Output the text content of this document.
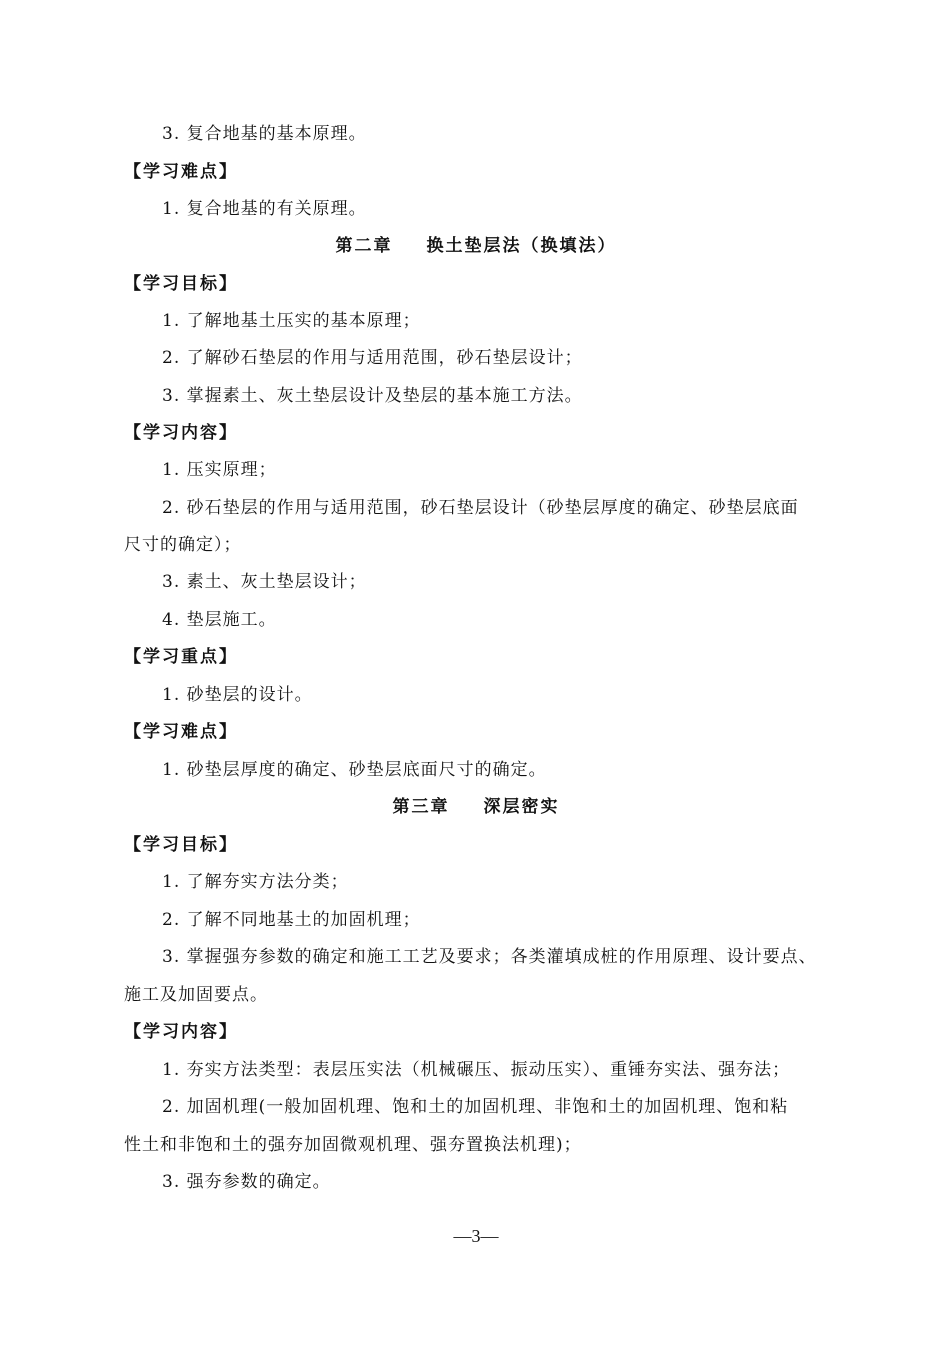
3. 复合地基的基本原理。
【学习难点】
1. 复合地基的有关原理。
第二章 换土垫层法（换填法）
【学习目标】
1. 了解地基土压实的基本原理；
2. 了解砂石垫层的作用与适用范围，砂石垫层设计；
3. 掌握素土、灰土垫层设计及垫层的基本施工方法。
【学习内容】
1. 压实原理；
2. 砂石垫层的作用与适用范围，砂石垫层设计（砂垫层厚度的确定、砂垫层底面
尺寸的确定）；
3. 素土、灰土垫层设计；
4. 垫层施工。
【学习重点】
1. 砂垫层的设计。
【学习难点】
1. 砂垫层厚度的确定、砂垫层底面尺寸的确定。
第三章 深层密实
【学习目标】
1. 了解夯实方法分类；
2. 了解不同地基土的加固机理；
3. 掌握强夯参数的确定和施工工艺及要求；各类灌填成桩的作用原理、设计要点、
施工及加固要点。
【学习内容】
1. 夯实方法类型：表层压实法（机械碾压、振动压实）、重锤夯实法、强夯法；
2. 加固机理(一般加固机理、饱和土的加固机理、非饱和土的加固机理、饱和粘
性土和非饱和土的强夯加固微观机理、强夯置换法机理)；
3. 强夯参数的确定。
—3—
